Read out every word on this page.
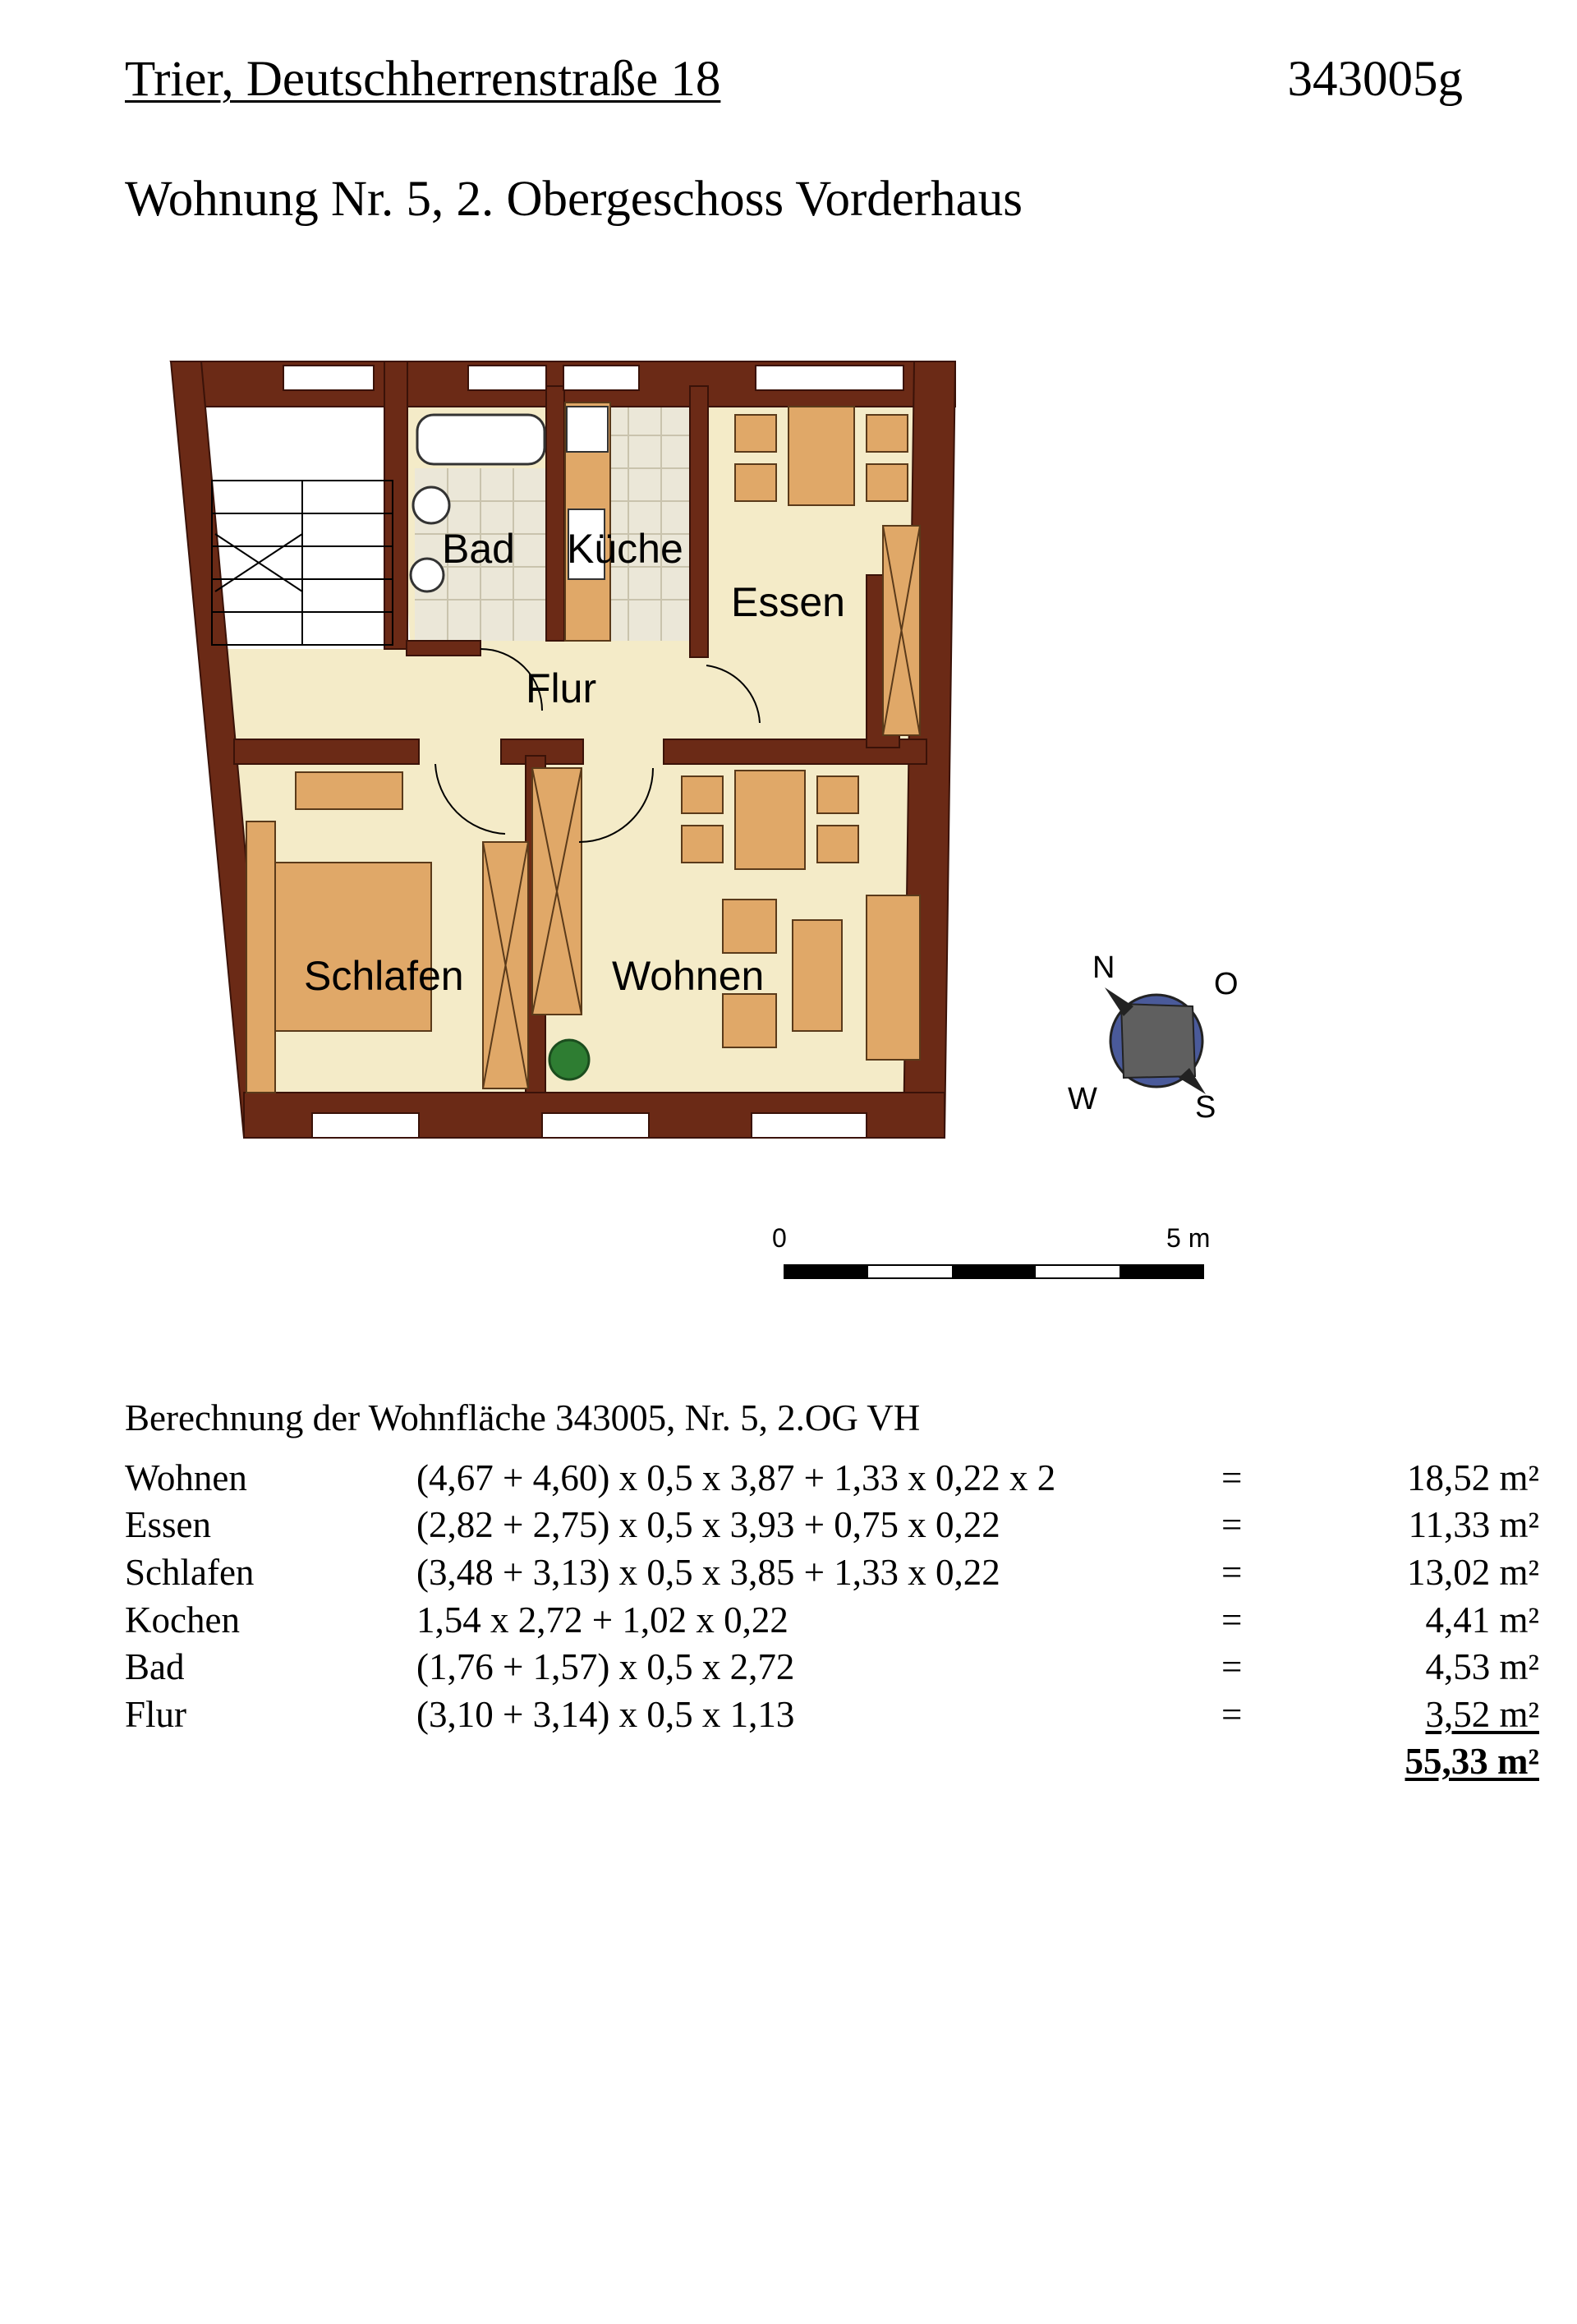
Trier, Deutschherrenstraße 18	343005g
Wohnung Nr. 5, 2. Obergeschoss Vorderhaus
Bad Küche
Essen
Flur
Schlafen	Wohnen	N	O
W	S
0	5 m
Berechnung der Wohnfläche 343005, Nr. 5, 2.OG VH
Wohnen	(4,67 + 4,60) x 0,5 x 3,87 + 1,33 x 0,22 x 2	=	18,52 m²
Essen	(2,82 + 2,75) x 0,5 x 3,93 + 0,75 x 0,22	=	11,33 m²
Schlafen	(3,48 + 3,13) x 0,5 x 3,85 + 1,33 x 0,22	=	13,02 m²
Kochen	1,54 x 2,72 + 1,02 x 0,22	=	4,41 m²
Bad	(1,76 + 1,57) x 0,5 x 2,72	=	4,53 m²
Flur	(3,10 + 3,14) x 0,5 x 1,13	=	3,52 m²
			55,33 m²
